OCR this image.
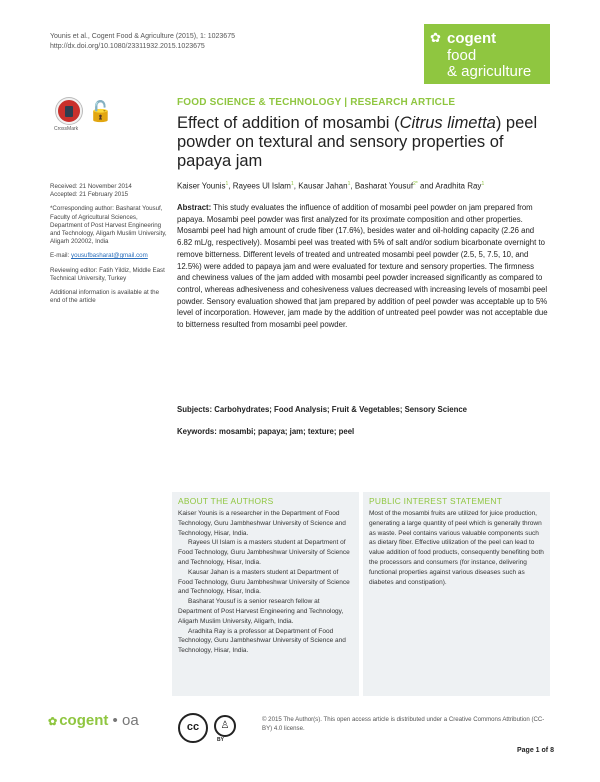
Younis et al., Cogent Food & Agriculture (2015), 1: 1023675
http://dx.doi.org/10.1080/23311932.2015.1023675
✿ cogent
food
& agriculture
CrossMark
🔓	FOOD SCIENCE & TECHNOLOGY | RESEARCH ARTICLE
Effect of addition of mosambi (Citrus limetta) peel powder on textural and sensory properties of papaya jam
Kaiser Younis$^1$, Rayees Ul Islam$^1$, Kausar Jahan$^1$, Basharat Yousuf$^{2*}$ and Aradhita Ray$^1$

Received: 21 November 2014
Accepted: 21 February 2015

*Corresponding author: Basharat Yousuf, Faculty of Agricultural Sciences, Department of Post Harvest Engineering and Technology, Aligarh Muslim University, Aligarh 202002, India

E-mail: yousufbasharat@gmail.com

Reviewing editor: Fatih Yildiz, Middle East Technical University, Turkey

Additional information is available at the end of the article

Abstract: This study evaluates the influence of addition of mosambi peel powder on jam prepared from papaya. Mosambi peel powder was first analyzed for its proximate composition and other properties. Mosambi peel had high amount of crude fiber (17.6%), besides water and oil-holding capacity (2.26 and 6.82 mL/g, respectively). Mosambi peel was treated with 5% of salt and/or sodium bicarbonate overnight to remove bitterness. Different levels of treated and untreated mosambi peel powder (2.5, 5, 7.5, 10, and 12.5%) were added to papaya jam and were evaluated for texture and sensory properties. The firmness and chewiness values of the jam added with mosambi peel powder increased significantly as compared to control, whereas adhesiveness and cohesiveness values decreased with increasing levels of mosambi peel powder. Sensory evaluation showed that jam prepared by addition of peel powder was acceptable up to 5% level of incorporation. However, jam made by the addition of untreated peel powder was not acceptable due to bitterness resulted from mosambi peel powder.
Subjects: Carbohydrates; Food Analysis; Fruit & Vegetables; Sensory Science
Keywords: mosambi; papaya; jam; texture; peel
ABOUT THE AUTHORS
Kaiser Younis is a researcher in the Department of Food Technology, Guru Jambheshwar University of Science and Technology, Hisar, India.
Rayees Ul Islam is a masters student at Department of Food Technology, Guru Jambheshwar University of Science and Technology, Hisar, India.
Kausar Jahan is a masters student at Department of Food Technology, Guru Jambheshwar University of Science and Technology, Hisar, India.
Basharat Yousuf is a senior research fellow at Department of Post Harvest Engineering and Technology, Aligarh Muslim University, Aligarh, India.
Aradhita Ray is a professor at Department of Food Technology, Guru Jambheshwar University of Science and Technology, Hisar, India.
PUBLIC INTEREST STATEMENT
Most of the mosambi fruits are utilized for juice production, generating a large quantity of peel which is generally thrown as waste. Peel contains various valuable components such as dietary fiber. Effective utilization of the peel can lead to value addition of food products, consequently benefiting both the processors and consumers (for instance, delivering functional properties against various diseases such as diabetes and constipation).
✿ cogent • oa	cc	♙
BY
© 2015 The Author(s). This open access article is distributed under a Creative Commons Attribution (CC-BY) 4.0 license.
Page 1 of 8
